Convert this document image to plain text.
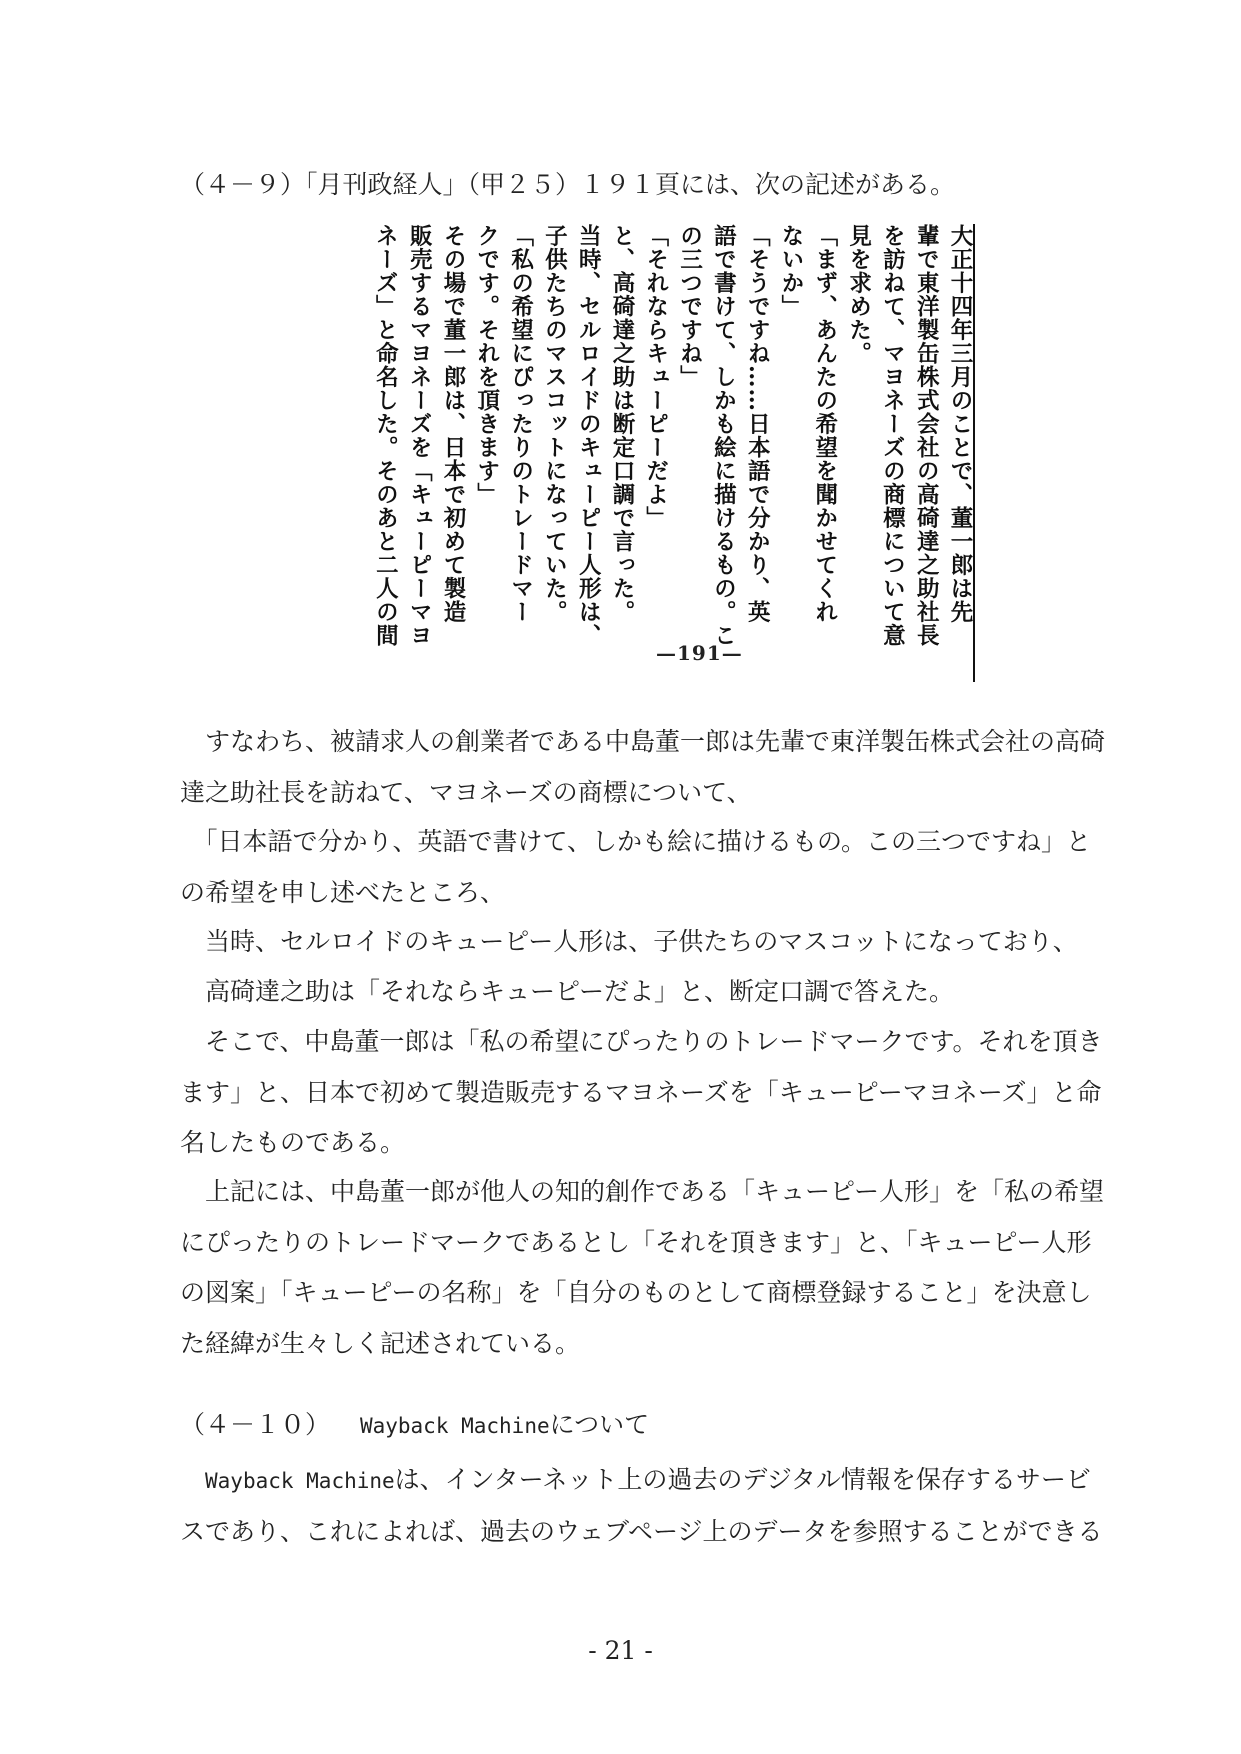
（４－９）「月刊政経人」（甲２５）１９１頁には、次の記述がある。
大正十四年三月のことで、董一郎は先
輩で東洋製缶株式会社の高碕達之助社長
を訪ねて、マヨネーズの商標について意
見を求めた。
「まず、あんたの希望を聞かせてくれ
ないか」
「そうですね……日本語で分かり、英
語で書けて、しかも絵に描けるもの。こ
の三つですね」
「それならキューピーだよ」
と、高碕達之助は断定口調で言った。
当時、セルロイドのキューピー人形は、
子供たちのマスコットになっていた。
「私の希望にぴったりのトレードマー
クです。それを頂きます」
その場で董一郎は、日本で初めて製造
販売するマヨネーズを「キューピーマヨ
ネーズ」と命名した。そのあと二人の間
—191—
　すなわち、被請求人の創業者である中島董一郎は先輩で東洋製缶株式会社の高碕
達之助社長を訪ねて、マヨネーズの商標について、
　「日本語で分かり、英語で書けて、しかも絵に描けるもの。この三つですね」と
の希望を申し述べたところ、
　当時、セルロイドのキューピー人形は、子供たちのマスコットになっており、
　高碕達之助は「それならキューピーだよ」と、断定口調で答えた。
　そこで、中島董一郎は「私の希望にぴったりのトレードマークです。それを頂き
ます」と、日本で初めて製造販売するマヨネーズを「キューピーマヨネーズ」と命
名したものである。
　上記には、中島董一郎が他人の知的創作である「キューピー人形」を「私の希望
にぴったりのトレードマークであるとし「それを頂きます」と、「キューピー人形
の図案」「キューピーの名称」を「自分のものとして商標登録すること」を決意し
た経緯が生々しく記述されている。
（４－１０） Wayback Machineについて
　Wayback Machineは、インターネット上の過去のデジタル情報を保存するサービ
スであり、これによれば、過去のウェブページ上のデータを参照することができる
- 21 -
